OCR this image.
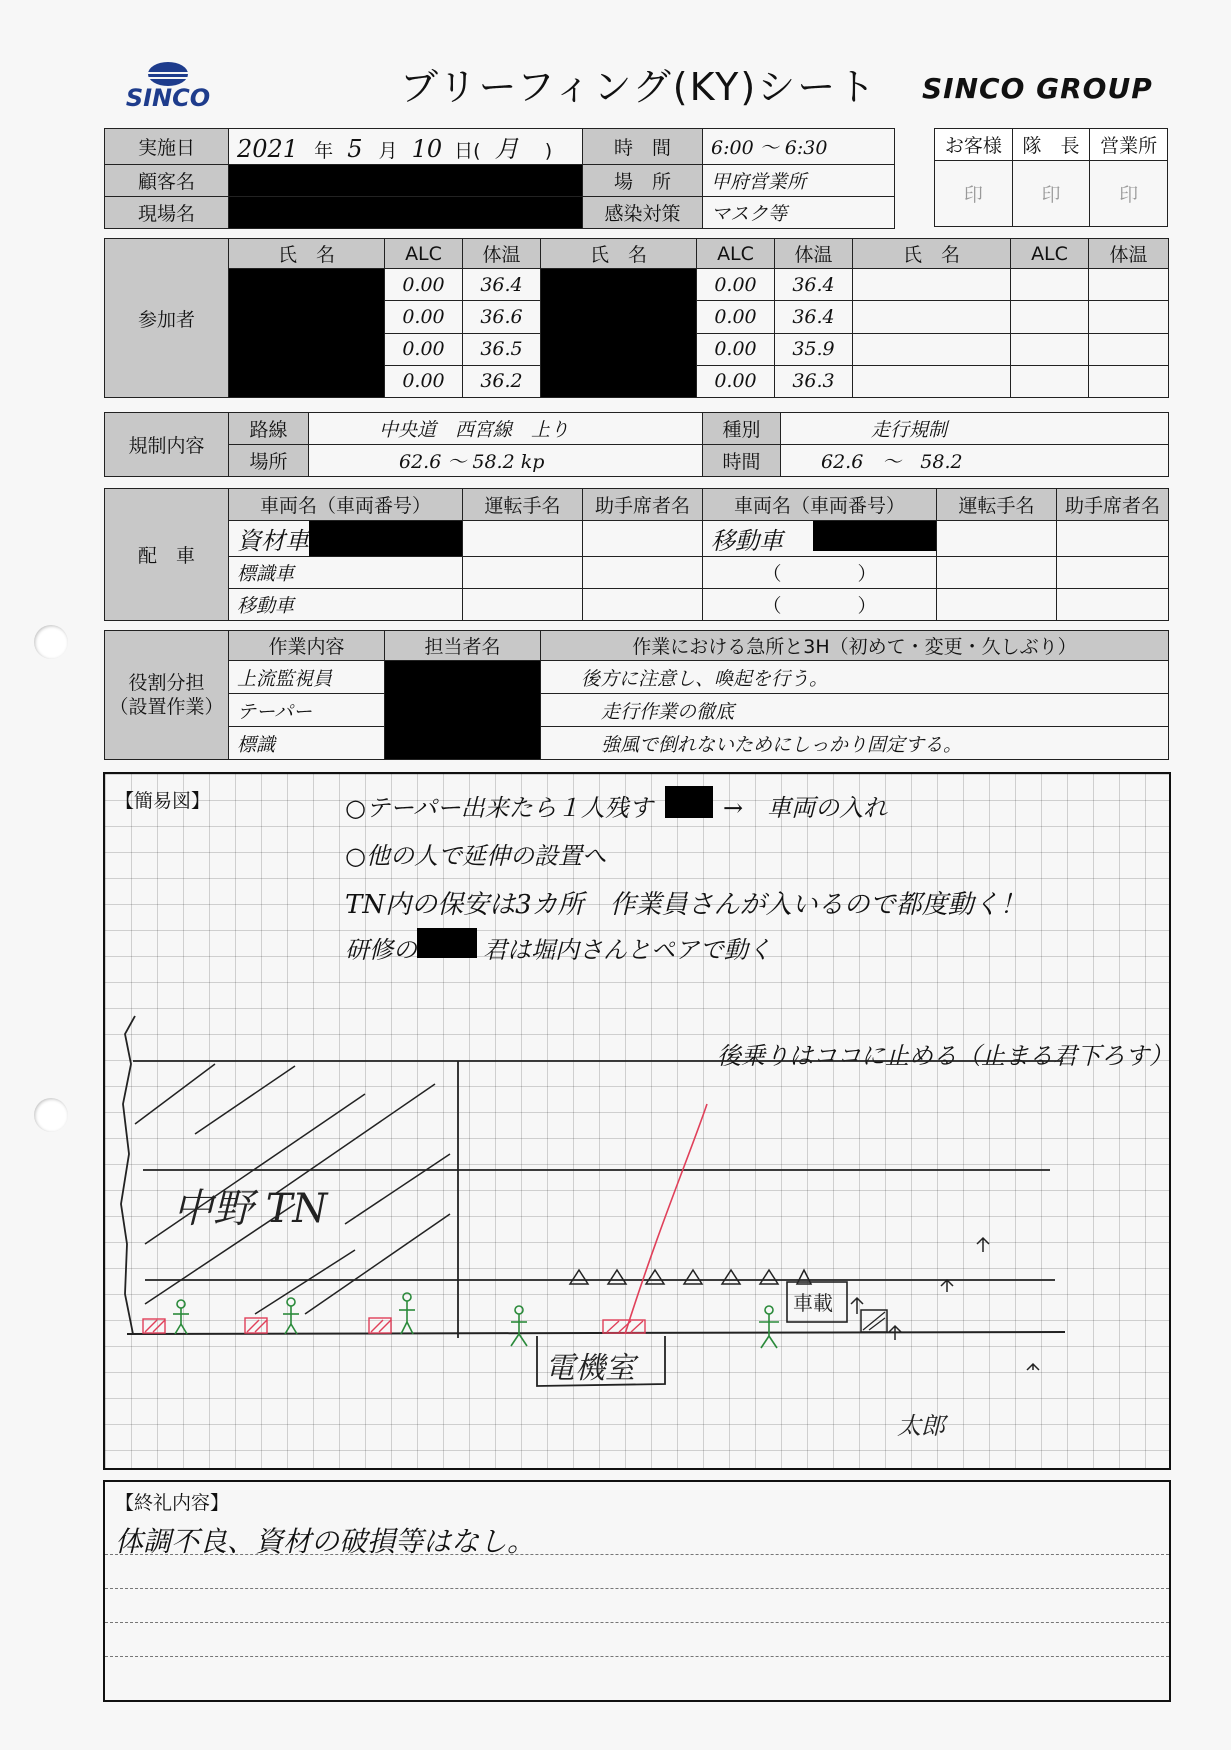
SINCO	ブリーフィング(KY)シート SINCO GROUP
実施日	2021 年 5 月 10 日( 月 )	時　間	6:00 〜 6:30
顧客名		場　所	甲府営業所
現場名		感染対策	マスク等
お客様	隊　長	営業所
印	印	印
参加者	氏　名	ALC	体温	氏　名	ALC	体温	氏　名	ALC	体温
		0.00	36.4		0.00	36.4			
		0.00	36.6		0.00	36.4			
		0.00	36.5		0.00	35.9			
		0.00	36.2		0.00	36.3			
規制内容	路線	中央道　西宮線　上り	種別	走行規制
	場所	62.6 〜 58.2 kp	時間	62.6　〜　58.2
配　車	車両名（車両番号）	運転手名	助手席者名	車両名（車両番号）	運転手名	助手席者名
	資材車			移動車

	標識車			（　　　　）		
	移動車			（　　　　）		
役割分担
（設置作業）	作業内容	担当者名	作業における急所と3H（初めて・変更・久しぶり）
	上流監視員		後方に注意し、喚起を行う。
	テーパー		走行作業の徹底
	標識		強風で倒れないためにしっかり固定する。
【簡易図】	○テーパー出来たら１人残す	→　車両の入れ
○他の人で延伸の設置へ
TN内の保安は3カ所　作業員さんが入いるので都度動く！
研修の	君は堀内さんとペアで動く
後乗りはココに止める（止まる君下ろす）
中野 TN
車載
太郎
電機室
【終礼内容】
体調不良、資材の破損等はなし。
